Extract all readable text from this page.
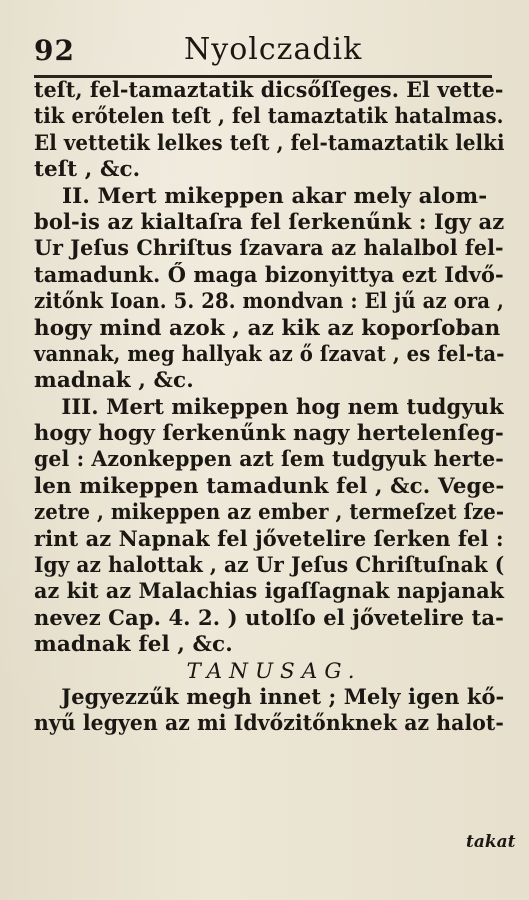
92	Nyolczadik
teſt, fel-tamaztatik dicsőſſeges. El vette-
tik erőtelen teſt , fel tamaztatik hatalmas.
El vettetik lelkes teſt , fel-tamaztatik lelki
teſt , &c.
II. Mert mikeppen akar mely alom-
bol-is az kialtaſra fel ſerkenűnk : Igy az
Ur Jeſus Chriſtus ſzavara az halalbol fel-
tamadunk. Ő maga bizonyittya ezt Idvő-
zitőnk Ioan. 5. 28. mondvan : El jű az ora ,
hogy mind azok , az kik az koporſoban
vannak, meg hallyak az ő ſzavat , es fel-ta-
madnak , &c.
III. Mert mikeppen hog nem tudgyuk
hogy hogy ſerkenűnk nagy hertelenſeg-
gel : Azonkeppen azt ſem tudgyuk herte-
len mikeppen tamadunk fel , &c. Vege-
zetre , mikeppen az ember , termeſzet ſze-
rint az Napnak fel jővetelire ſerken fel :
Igy az halottak , az Ur Jeſus Chriſtuſnak (
az kit az Malachias igaſſagnak napjanak
nevez Cap. 4. 2. ) utolſo el jővetelire ta-
madnak fel , &c.
TANUSAG.
Jegyezzűk megh innet ; Mely igen kő-
nyű legyen az mi Idvőzitőnknek az halot-
takat
